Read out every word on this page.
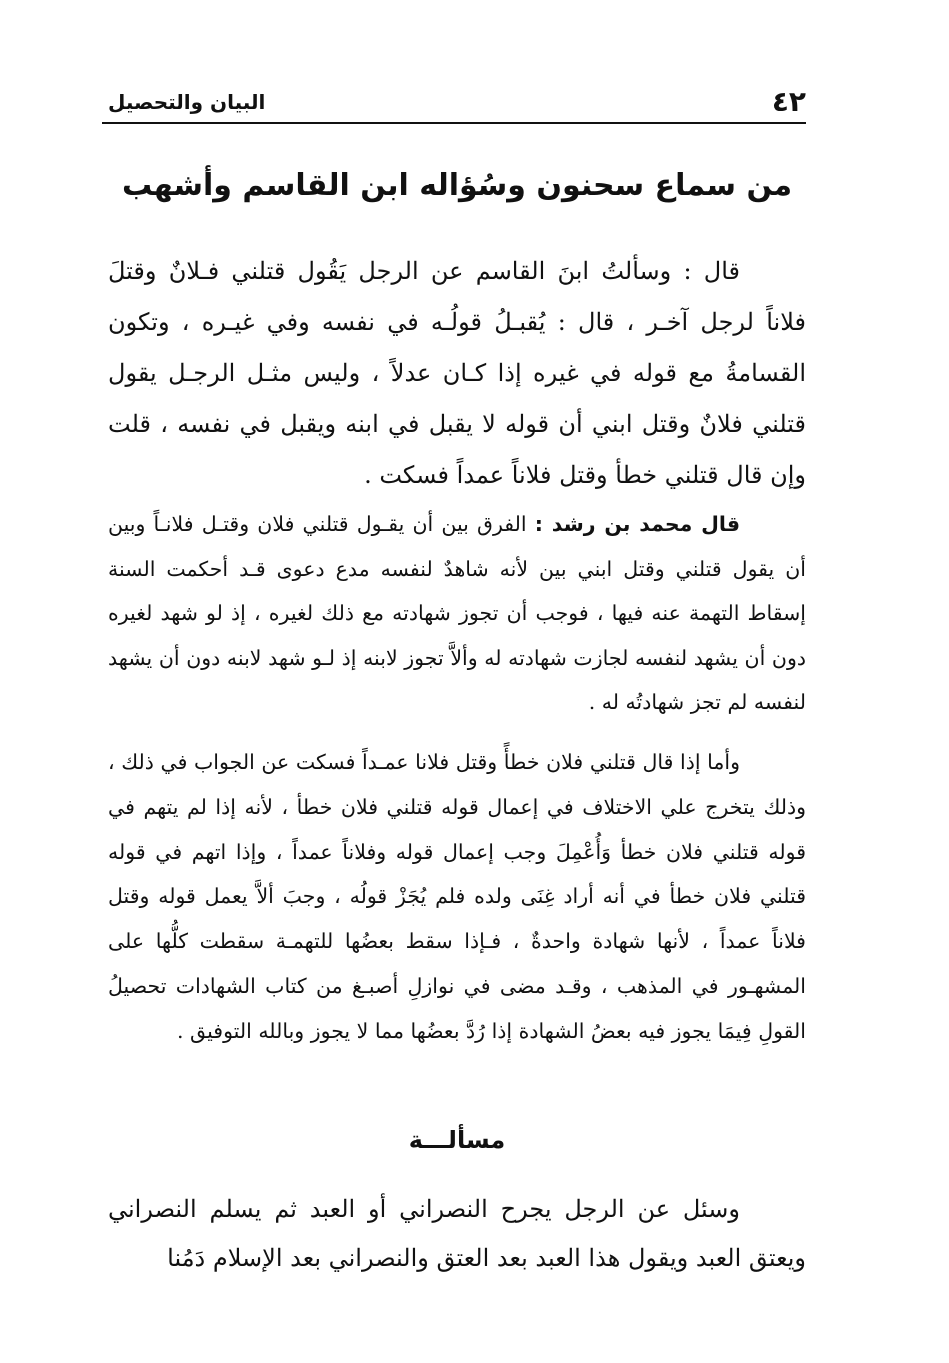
٤٢
البيان والتحصيل
من سماع سحنون وسُؤاله ابن القاسم وأشهب

قال : وسألتُ ابنَ القاسم عن الرجل يَقُول قتلني فـلانٌ وقتلَ فلاناً لرجل آخـر ، قال : يُقبـلُ قولُـه في نفسه وفي غيـره ، وتكون القسامةُ مع قوله في غيره إذا كـان عدلاً ، وليس مثـل الرجـل يقول قتلني فلانٌ وقتل ابني أن قوله لا يقبل في ابنه ويقبل في نفسه ، قلت وإن قال قتلني خطأ وقتل فلاناً عمداً فسكت .

قال محمد بن رشد : الفرق بين أن يقـول قتلني فلان وقتـل فلانـاً وبين أن يقول قتلني وقتل ابني بين لأنه شاهدٌ لنفسه مدع دعوى قـد أحكمت السنة إسقاط التهمة عنه فيها ، فوجب أن تجوز شهادته مع ذلك لغيره ، إذ لو شهد لغيره دون أن يشهد لنفسه لجازت شهادته له وألاَّ تجوز لابنه إذ لـو شهد لابنه دون أن يشهد لنفسه لم تجز شهادتُه له .

وأما إذا قال قتلني فلان خطأً وقتل فلانا عمـداً فسكت عن الجواب في ذلك ، وذلك يتخرج علي الاختلاف في إعمال قوله قتلني فلان خطأ ، لأنه إذا لم يتهم في قوله قتلني فلان خطأ وَأُعْمِلَ وجب إعمال قوله وفلاناً عمداً ، وإذا اتهم في قوله قتلني فلان خطأ في أنه أراد غِنَى ولده فلم يُجَزْ قولُه ، وجبَ ألاَّ يعمل قوله وقتل فلاناً عمداً ، لأنها شهادة واحدةٌ ، فـإذا سقط بعضُها للتهمـة سقطت كلُّها على المشهـور في المذهب ، وقـد مضى في نوازلِ أصبـغ من كتاب الشهادات تحصيلُ القولِ فِيمَا يجوز فيه بعضُ الشهادة إذا رُدَّ بعضُها مما لا يجوز وبالله التوفيق .

مسألـــة

وسئل عن الرجل يجرح النصراني أو العبد ثم يسلم النصراني ويعتق العبد ويقول هذا العبد بعد العتق والنصراني بعد الإسلام دَمُنا
